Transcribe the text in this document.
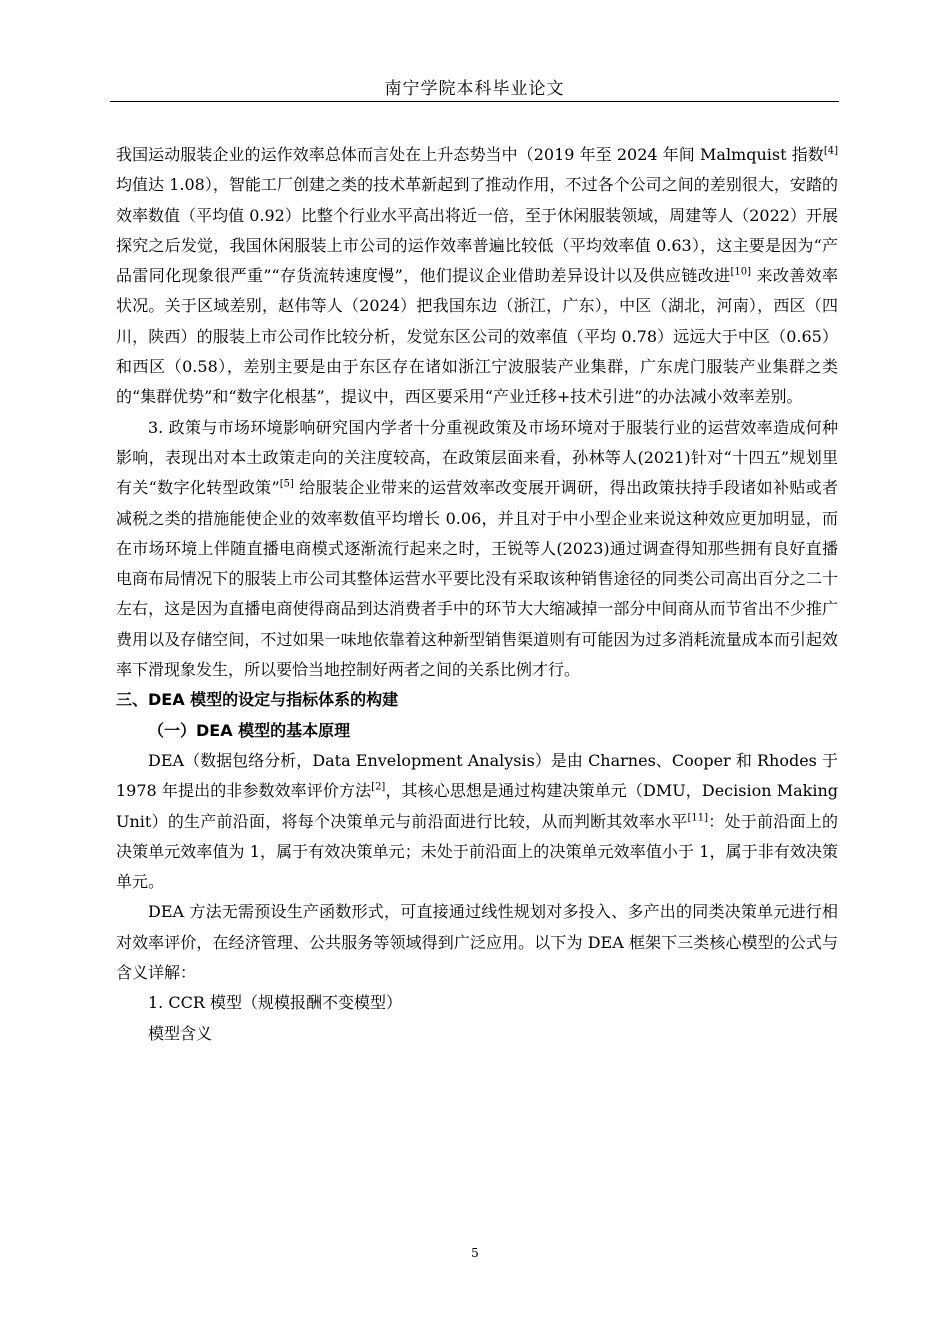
南宁学院本科毕业论文

我国运动服装企业的运作效率总体而言处在上升态势当中（2019 年至 2024 年间 Malmquist 指数[4] 均值达 1.08），智能工厂创建之类的技术革新起到了推动作用，不过各个公司之间的差别很大，安踏的效率数值（平均值 0.92）比整个行业水平高出将近一倍，至于休闲服装领域，周建等人（2022）开展探究之后发觉，我国休闲服装上市公司的运作效率普遍比较低（平均效率值 0.63），这主要是因为“产品雷同化现象很严重”“存货流转速度慢”，他们提议企业借助差异设计以及供应链改进[10] 来改善效率状况。关于区域差别，赵伟等人（2024）把我国东边（浙江，广东），中区（湖北，河南），西区（四川，陕西）的服装上市公司作比较分析，发觉东区公司的效率值（平均 0.78）远远大于中区（0.65）和西区（0.58），差别主要是由于东区存在诸如浙江宁波服装产业集群，广东虎门服装产业集群之类的“集群优势”和“数字化根基”，提议中，西区要采用“产业迁移+技术引进”的办法减小效率差别。

3. 政策与市场环境影响研究国内学者十分重视政策及市场环境对于服装行业的运营效率造成何种影响，表现出对本土政策走向的关注度较高，在政策层面来看，孙林等人(2021)针对“十四五”规划里有关“数字化转型政策”[5] 给服装企业带来的运营效率改变展开调研，得出政策扶持手段诸如补贴或者减税之类的措施能使企业的效率数值平均增长 0.06，并且对于中小型企业来说这种效应更加明显，而在市场环境上伴随直播电商模式逐渐流行起来之时，王锐等人(2023)通过调查得知那些拥有良好直播电商布局情况下的服装上市公司其整体运营水平要比没有采取该种销售途径的同类公司高出百分之二十左右，这是因为直播电商使得商品到达消费者手中的环节大大缩减掉一部分中间商从而节省出不少推广费用以及存储空间，不过如果一味地依靠着这种新型销售渠道则有可能因为过多消耗流量成本而引起效率下滑现象发生，所以要恰当地控制好两者之间的关系比例才行。

三、DEA 模型的设定与指标体系的构建

（一）DEA 模型的基本原理

DEA（数据包络分析，Data Envelopment Analysis）是由 Charnes、Cooper 和 Rhodes 于 1978 年提出的非参数效率评价方法[2]，其核心思想是通过构建决策单元（DMU，Decision Making Unit）的生产前沿面，将每个决策单元与前沿面进行比较，从而判断其效率水平[11]：处于前沿面上的决策单元效率值为 1，属于有效决策单元；未处于前沿面上的决策单元效率值小于 1，属于非有效决策单元。

DEA 方法无需预设生产函数形式，可直接通过线性规划对多投入、多产出的同类决策单元进行相对效率评价，在经济管理、公共服务等领域得到广泛应用。以下为 DEA 框架下三类核心模型的公式与含义详解：

1. CCR 模型（规模报酬不变模型）

模型含义

5
